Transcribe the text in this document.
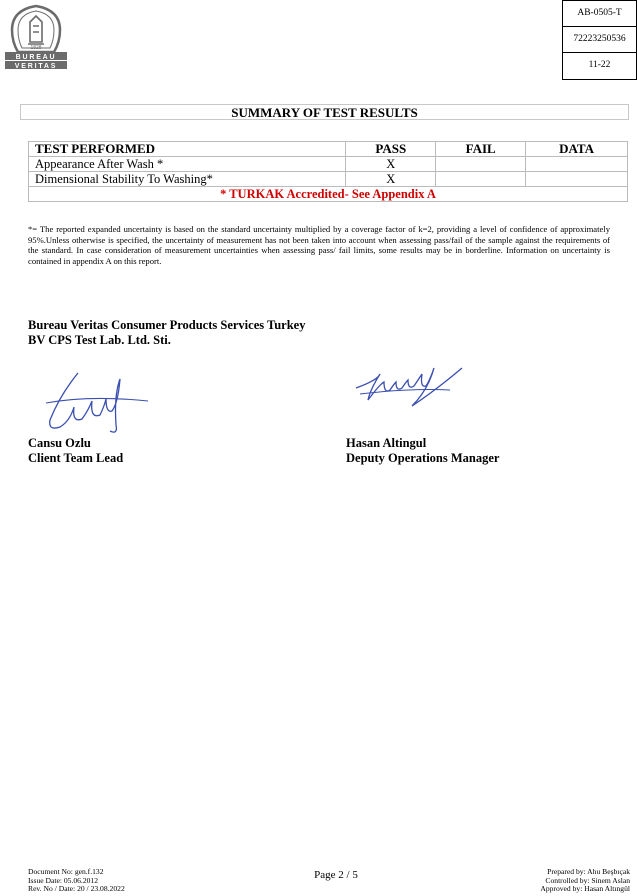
1828
BUREAU
VERITAS
AB-0505-T
72223250536
11-22
SUMMARY OF TEST RESULTS
TEST PERFORMED	PASS	FAIL	DATA
Appearance After Wash *	X		
Dimensional Stability To Washing*	X		
* TURKAK Accredited- See Appendix A			
*= The reported expanded uncertainty is based on the standard uncertainty multiplied by a coverage factor of k=2, providing a level of confidence of approximately 95%.Unless otherwise is specified, the uncertainty of measurement has not been taken into account when assessing pass/fail of the sample against the requirements of the standard. In case consideration of measurement uncertainties when assessing pass/ fail limits, some results may be in borderline. Information on uncertainty is contained in appendix A on this report.
Bureau Veritas Consumer Products Services Turkey
BV CPS Test Lab. Ltd. Sti.
Cansu Ozlu
Client Team Lead
Hasan Altingul
Deputy Operations Manager
Document No: gen.f.132
Issue Date: 05.06.2012
Rev. No / Date: 20 / 23.08.2022
Page 2 / 5	Prepared by: Ahu Beşbıçak
Controlled by: Sinem Aslan
Approved by: Hasan Altıngül
